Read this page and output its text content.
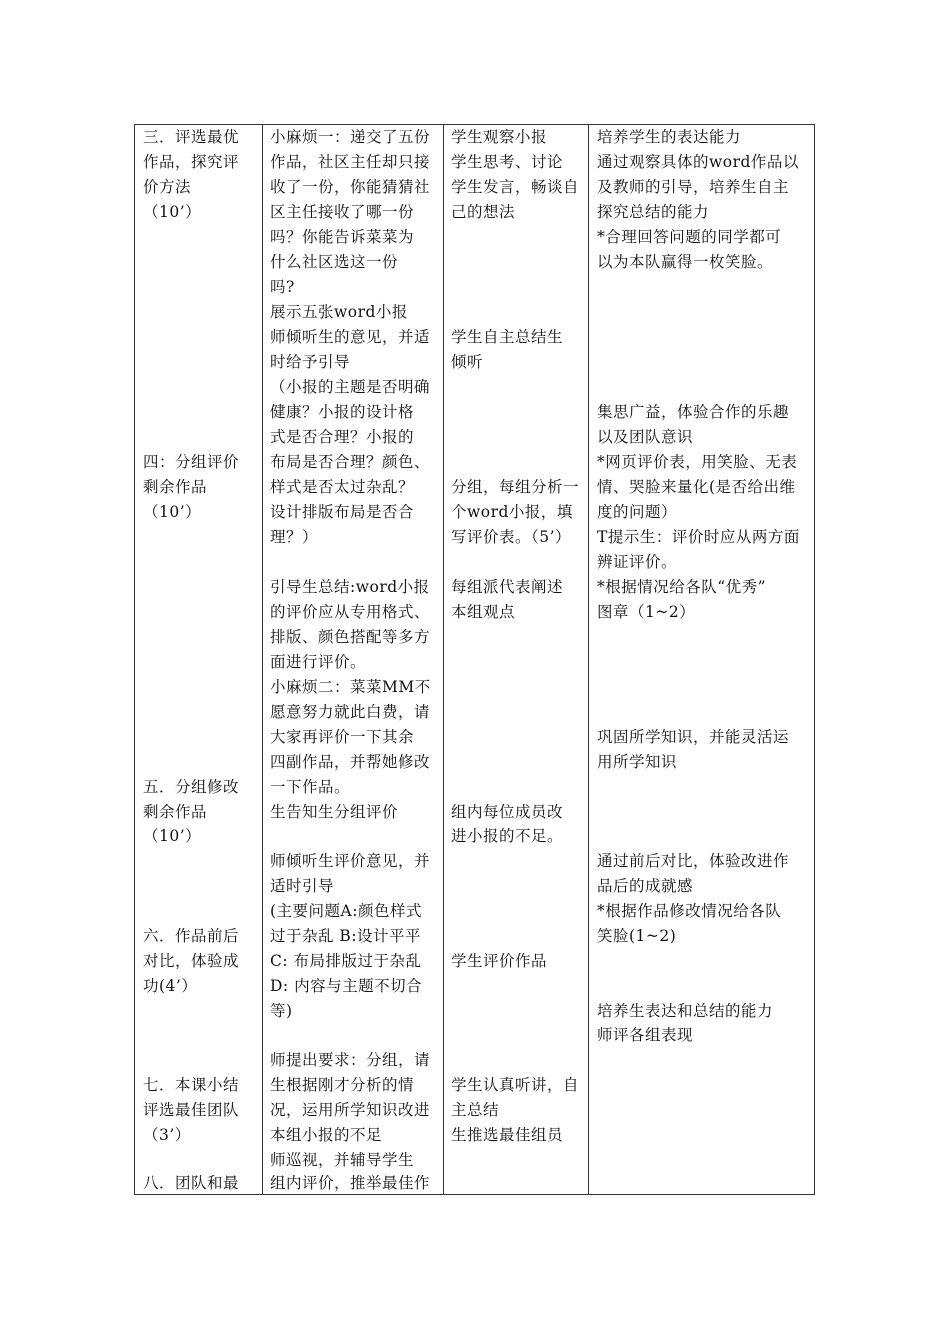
三．评选最优
作品，探究评
价方法
（10’）
四：分组评价
剩余作品
（10’）
五．分组修改
剩余作品
（10’）
六．作品前后
对比，体验成
功(4’）
七．本课小结
评选最佳团队
（3’）
八．团队和最
小麻烦一：递交了五份
作品，社区主任却只接
收了一份，你能猜猜社
区主任接收了哪一份
吗？你能告诉菜菜为
什么社区选这一份
吗?
展示五张word小报
师倾听生的意见，并适
时给予引导
（小报的主题是否明确
健康？小报的设计格
式是否合理？小报的
布局是否合理？颜色、
样式是否太过杂乱？
设计排版布局是否合
理？）
引导生总结:word小报
的评价应从专用格式、
排版、颜色搭配等多方
面进行评价。
小麻烦二：菜菜MM不
愿意努力就此白费，请
大家再评价一下其余
四副作品，并帮她修改
一下作品。
生告知生分组评价
师倾听生评价意见，并
适时引导
(主要问题A:颜色样式
过于杂乱 B:设计平平
C: 布局排版过于杂乱
D: 内容与主题不切合
等)
师提出要求：分组，请
生根据刚才分析的情
况，运用所学知识改进
本组小报的不足
师巡视，并辅导学生
组内评价，推举最佳作
学生观察小报
学生思考、讨论
学生发言，畅谈自
己的想法
学生自主总结生
倾听
分组，每组分析一
个word小报，填
写评价表。（5’）
每组派代表阐述
本组观点
组内每位成员改
进小报的不足。
学生评价作品
学生认真听讲，自
主总结
生推选最佳组员
培养学生的表达能力
通过观察具体的word作品以
及教师的引导，培养生自主
探究总结的能力
*合理回答问题的同学都可
以为本队赢得一枚笑脸。
集思广益，体验合作的乐趣
以及团队意识
*网页评价表，用笑脸、无表
情、哭脸来量化(是否给出维
度的问题）
T提示生：评价时应从两方面
辨证评价。
*根据情况给各队“优秀”
图章（1~2）
巩固所学知识，并能灵活运
用所学知识
通过前后对比，体验改进作
品后的成就感
*根据作品修改情况给各队
笑脸(1~2)
培养生表达和总结的能力
师评各组表现
